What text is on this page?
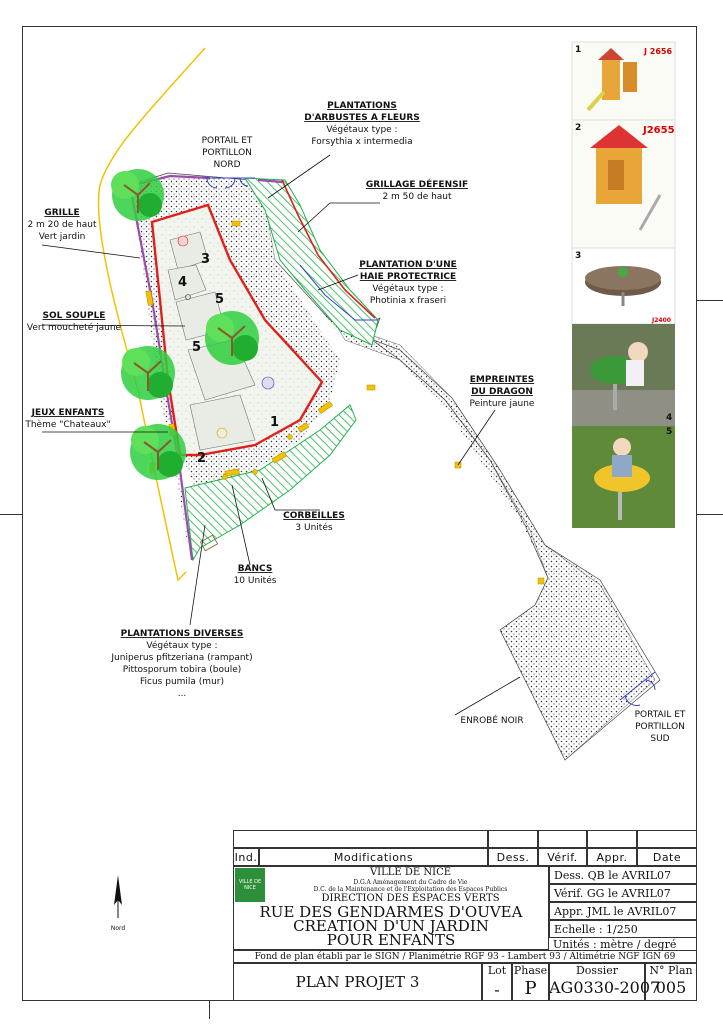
3
4
5
5
1
2
PLANTATIONS
D'ARBUSTES A FLEURS
Végétaux type :
Forsythia x intermedia
PORTAIL ET
PORTILLON
NORD
GRILLAGE DÉFENSIF
2 m 50 de haut
GRILLE
2 m 20 de haut
Vert jardin
PLANTATION D'UNE
HAIE PROTECTRICE
Végétaux type :
Photinia x fraseri
SOL SOUPLE
Vert moucheté jaune
EMPREINTES
DU DRAGON
Peinture jaune
JEUX ENFANTS
Thème "Chateaux"
CORBEILLES
3 Unités
BANCS
10 Unités
PLANTATIONS DIVERSES
Végétaux type :
Juniperus pfitzeriana (rampant)
Pittosporum tobira (boule)
Ficus pumila (mur)
...
ENROBÉ NOIR
PORTAIL ET
PORTILLON
SUD
Nord
1	J 2656
2	J2655
3
J2400
4
5
Ind.	Modifications	Dess.	Vérif.	Appr.	Date
VILLE DE NICE
VILLE DE NICE
D.G.A Aménagement du Cadre de Vie
D.C. de la Maintenance et de l'Exploitation des Espaces Publics
DIRECTION DES ESPACES VERTS
RUE DES GENDARMES D'OUVEA
CREATION D'UN JARDIN
POUR ENFANTS
Dess. QB le AVRIL07
Vérif. GG le AVRIL07
Appr. JML le AVRIL07
Echelle : 1/250
Unités : mètre / degré
Fond de plan établi par le SIGN / Planimétrie RGF 93 - Lambert 93 / Altimétrie NGF IGN 69
PLAN PROJET 3
Lot
-
Phase
P
Dossier
AG0330-2007
N° Plan
005
